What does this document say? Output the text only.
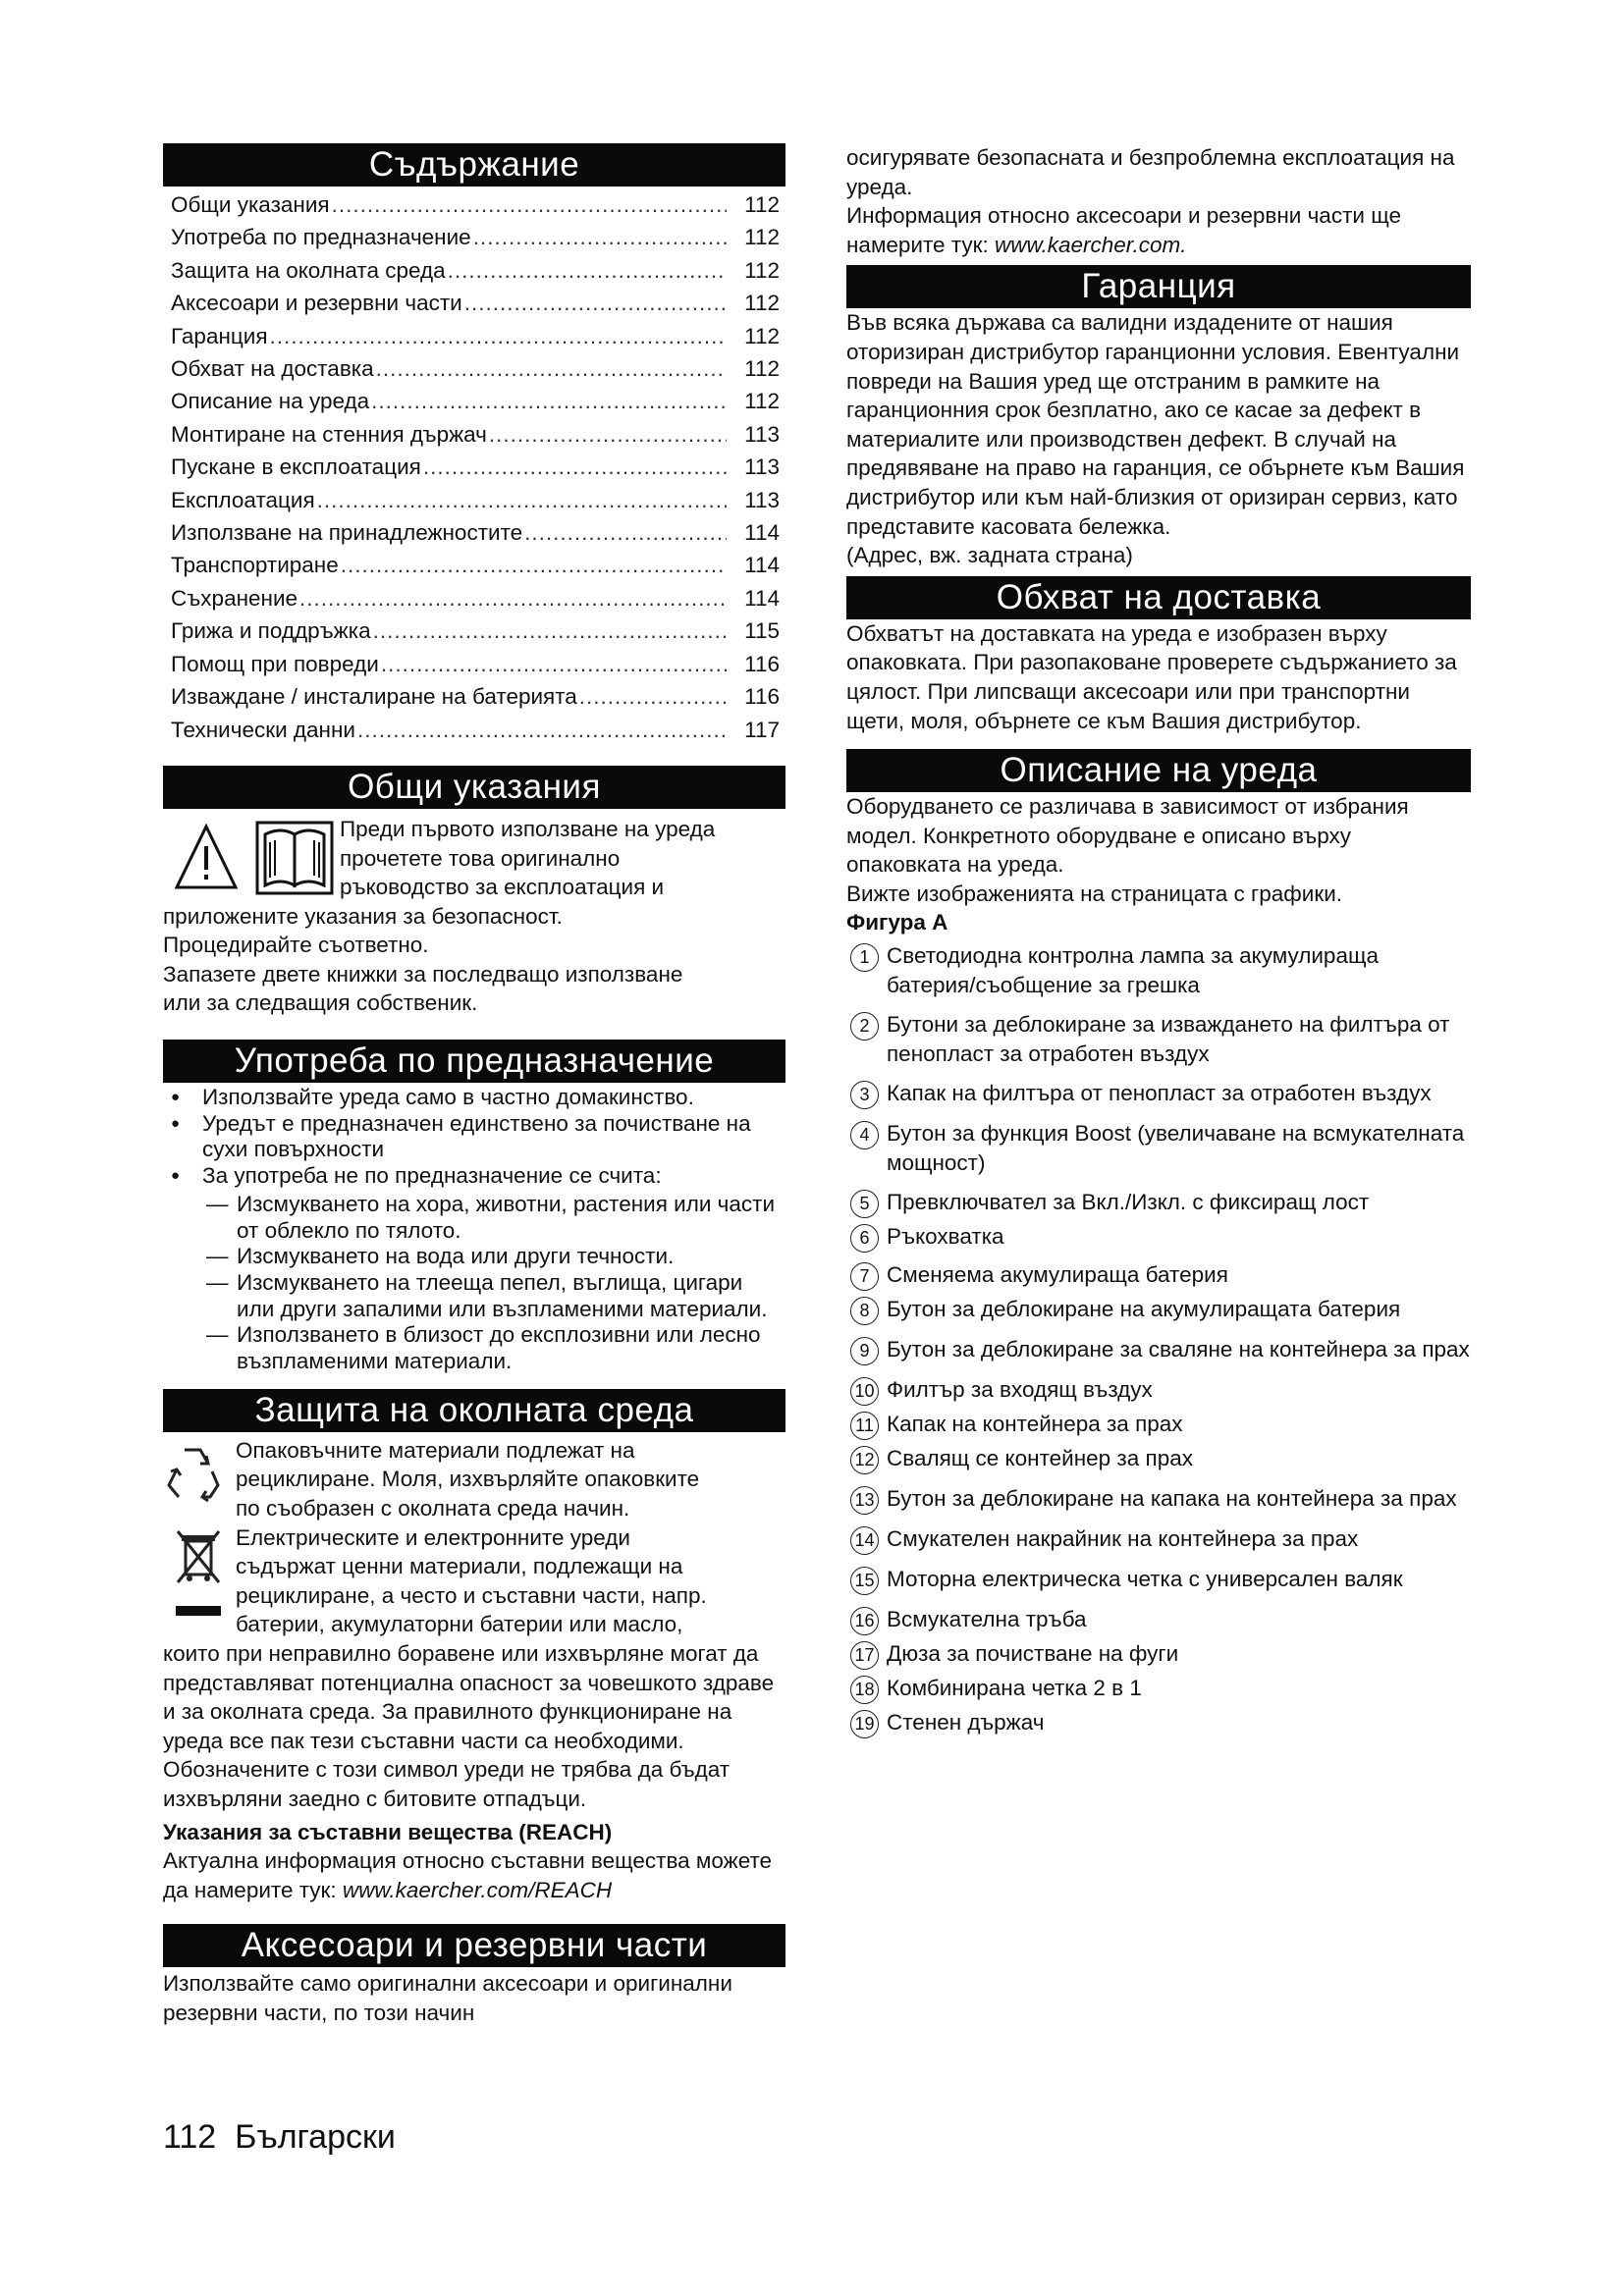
Съдържание
Общи указания .....	112
Употреба по предназначение .....	112
Защита на околната среда .....	112
Аксесоари и резервни части .....	112
Гаранция .....	112
Обхват на доставка .....	112
Описание на уреда .....	112
Монтиране на стенния държач .....	113
Пускане в експлоатация .....	113
Експлоатация .....	113
Използване на принадлежностите .....	114
Транспортиране .....	114
Съхранение .....	114
Грижа и поддръжка .....	115
Помощ при повреди .....	116
Изваждане / инсталиране на батерията .....	116
Технически данни .....	117
Общи указания

Преди първото използване на уреда

прочетете това оригинално

ръководство за експлоатация и

приложените указания за безопасност.

Процедирайте съответно.

Запазете двете книжки за последващо използване

или за следващия собственик.

Употреба по предназначение
● Използвайте уреда само в частно домакинство.
● Уредът е предназначен единствено за почистване на сухи повърхности
● За употреба не по предназначение се счита:
— Изсмукването на хора, животни, растения или части от облекло по тялото.
— Изсмукването на вода или други течности.
— Изсмукването на тлееща пепел, въглища, цигари или други запалими или възпламеними материали.
— Използването в близост до експлозивни или лесно възпламеними материали.
Защита на околната среда

Опаковъчните материали подлежат на

рециклиране. Моля, изхвърляйте опаковките

по съобразен с околната среда начин.

Електрическите и електронните уреди

съдържат ценни материали, подлежащи на

рециклиране, а често и съставни части, напр.

батерии, акумулаторни батерии или масло,

които при неправилно боравене или изхвърляне могат да представляват потенциална опасност за човешкото здраве и за околната среда. За правилното функциониране на уреда все пак тези съставни части са необходими. Обозначените с този символ уреди не трябва да бъдат изхвърляни заедно с битовите отпадъци.

Указания за съставни вещества (REACH)

Актуална информация относно съставни вещества можете да намерите тук: www.kaercher.com/REACH

Аксесоари и резервни части

Използвайте само оригинални аксесоари и оригинални резервни части, по този начин

осигурявате безопасната и безпроблемна експлоатация на уреда.

Информация относно аксесоари и резервни части ще намерите тук: www.kaercher.com.

Гаранция

Във всяка държава са валидни издадените от нашия оторизиран дистрибутор гаранционни условия. Евентуални повреди на Вашия уред ще отстраним в рамките на гаранционния срок безплатно, ако се касае за дефект в материалите или производствен дефект. В случай на предявяване на право на гаранция, се обърнете към Вашия дистрибутор или към най-близкия от оризиран сервиз, като представите касовата бележка.

(Адрес, вж. задната страна)

Обхват на доставка

Обхватът на доставката на уреда е изобразен върху опаковката. При разопаковане проверете съдържанието за цялост. При липсващи аксесоари или при транспортни щети, моля, обърнете се към Вашия дистрибутор.

Описание на уреда

Оборудването се различава в зависимост от избрания модел. Конкретното оборудване е описано върху опаковката на уреда.

Вижте изображенията на страницата с графики.

Фигура A

1 Светодиодна контролна лампа за акумулираща батерия/съобщение за грешка
2 Бутони за деблокиране за изваждането на филтъра от пенопласт за отработен въздух
3 Капак на филтъра от пенопласт за отработен въздух
4 Бутон за функция Boost (увеличаване на всмукателната мощност)
5 Превключвател за Вкл./Изкл. с фиксиращ лост
6 Ръкохватка
7 Сменяема акумулираща батерия
8 Бутон за деблокиране на акумулиращата батерия
9 Бутон за деблокиране за сваляне на контейнера за прах
10 Филтър за входящ въздух
11 Капак на контейнера за прах
12 Свалящ се контейнер за прах
13 Бутон за деблокиране на капака на контейнера за прах
14 Смукателен накрайник на контейнера за прах
15 Моторна електрическа четка с универсален валяк
16 Всмукателна тръба
17 Дюза за почистване на фуги
18 Комбинирана четка 2 в 1
19 Стенен държач
112 Български
